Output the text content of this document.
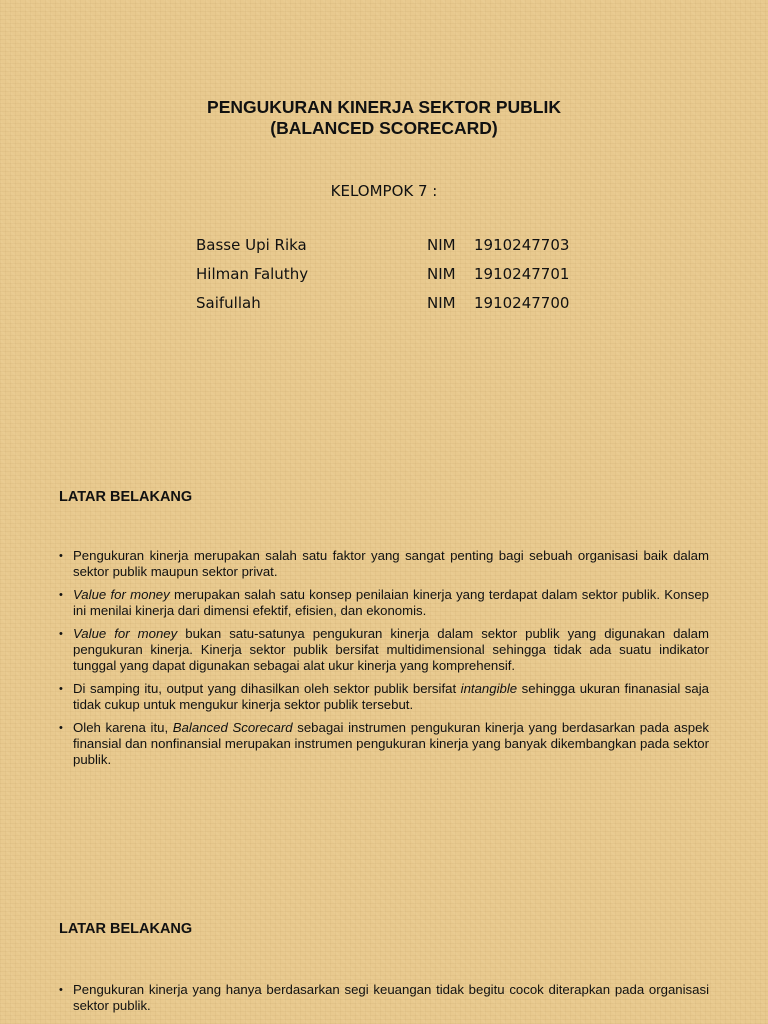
PENGUKURAN KINERJA SEKTOR PUBLIK
(BALANCED SCORECARD)
KELOMPOK 7 :
Basse Upi Rika	NIM 1910247703
Hilman Faluthy	NIM 1910247701
Saifullah	NIM 1910247700
LATAR BELAKANG
• Pengukuran kinerja merupakan salah satu faktor yang sangat penting bagi sebuah organisasi baik dalam sektor publik maupun sektor privat.
• Value for money merupakan salah satu konsep penilaian kinerja yang terdapat dalam sektor publik. Konsep ini menilai kinerja dari dimensi efektif, efisien, dan ekonomis.
• Value for money bukan satu-satunya pengukuran kinerja dalam sektor publik yang digunakan dalam pengukuran kinerja. Kinerja sektor publik bersifat multidimensional sehingga tidak ada suatu indikator tunggal yang dapat digunakan sebagai alat ukur kinerja yang komprehensif.
• Di samping itu, output yang dihasilkan oleh sektor publik bersifat intangible sehingga ukuran finanasial saja tidak cukup untuk mengukur kinerja sektor publik tersebut.
• Oleh karena itu, Balanced Scorecard sebagai instrumen pengukuran kinerja yang berdasarkan pada aspek finansial dan nonfinansial merupakan instrumen pengukuran kinerja yang banyak dikembangkan pada sektor publik.
LATAR BELAKANG
• Pengukuran kinerja yang hanya berdasarkan segi keuangan tidak begitu cocok diterapkan pada organisasi sektor publik.
